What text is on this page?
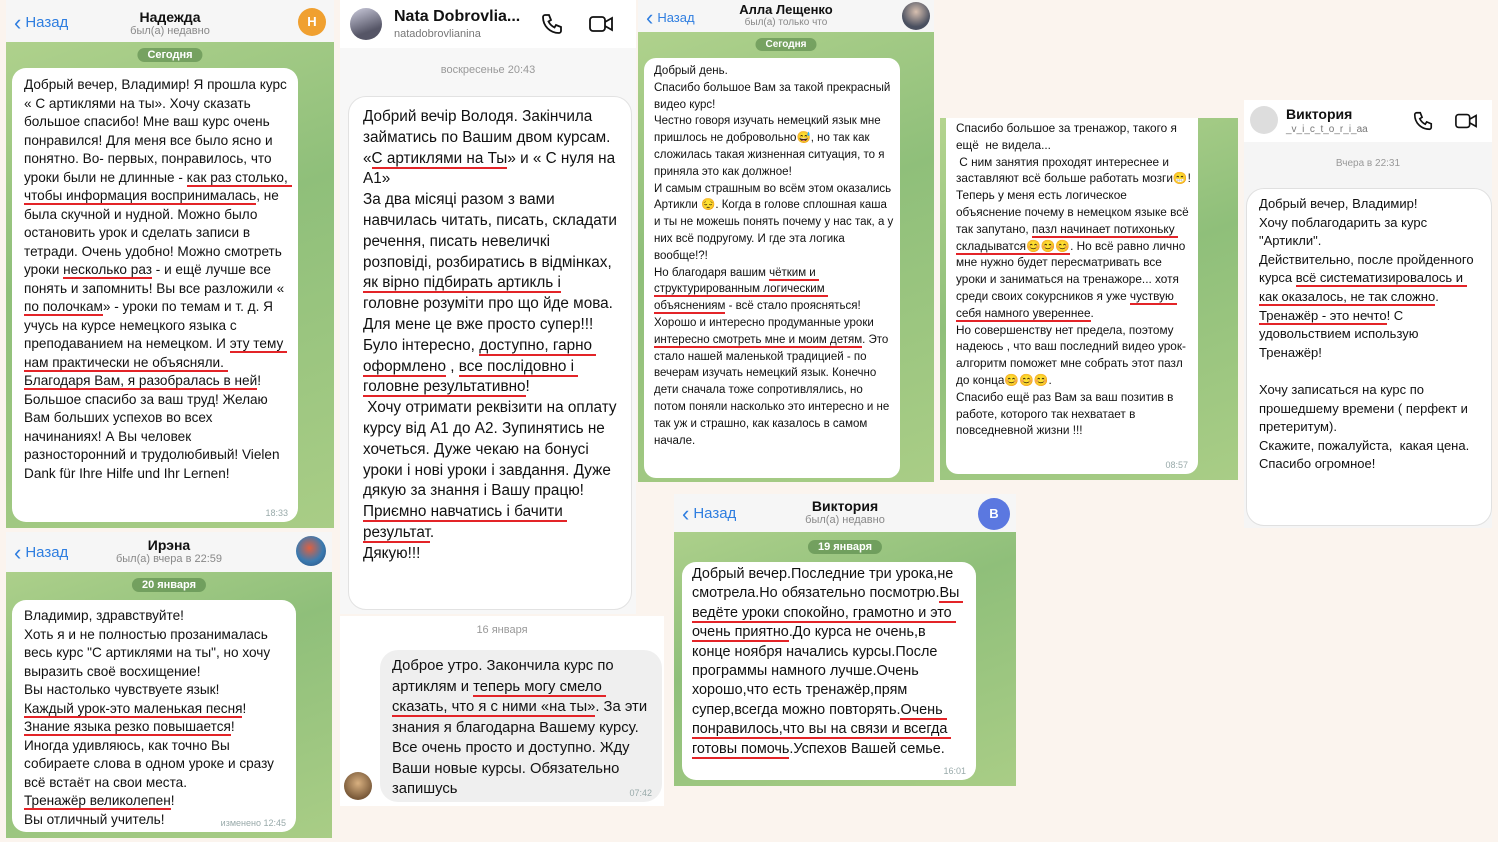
‹ Назад	Надежда
был(а) недавно
Н
Сегодня
Добрый вечер, Владимир! Я прошла курс « С артиклями на ты». Хочу сказать большое спасибо! Мне ваш курс очень понравился! Для меня все было ясно и понятно. Во- первых, понравилось, что уроки были не длинные - как раз столько, чтобы информация воспринималась, не была скучной и нудной. Можно было остановить урок и сделать записи в тетради. Очень удобно! Можно смотреть уроки несколько раз - и ещё лучше все понять и запомнить! Вы все разложили « по полочкам» - уроки по темам и т. д. Я учусь на курсе немецкого языка с преподаванием на немецком. И эту тему нам практически не объясняли. Благодаря Вам, я разобралась в ней! Большое спасибо за ваш труд! Желаю Вам больших успехов во всех начинаниях! А Вы человек разносторонний и трудолюбивый! Vielen Dank für Ihre Hilfe und Ihr Lernen!
18:33
‹ Назад	Ирэна
был(а) вчера в 22:59
20 января
Владимир, здравствуйте!
Хоть я и не полностью прозанималась весь курс "С артиклями на ты", но хочу выразить своё восхищение!
Вы настолько чувствуете язык!
Каждый урок-это маленькая песня!
Знание языка резко повышается!
Иногда удивляюсь, как точно Вы собираете слова в одном уроке и сразу всё встаёт на свои места.
Тренажёр великолепен!
Вы отличный учитель!	изменено 12:45
Nata Dobrovlia...
natadobrovlianina
воскресенье 20:43
Добрий вечір Володя. Закінчила займатись по Вашим двом курсам. «С артиклями на Ты» и « С нуля на А1»
За два місяці разом з вами навчилась читать, писать, складати речення, писать невеличкі розповіді, розбиратись в відмінках, як вірно підбирать артикль і головне розуміти про що йде мова. Для мене це вже просто супер!!! Було інтересно, доступно, гарно оформлено , все послідовно і головне результативно!
Хочу отримати реквізити на оплату курсу від А1 до А2. Зупинятись не хочеться. Дуже чекаю на бонусі уроки і нові уроки і завдання. Дуже дякую за знання і Вашу працю! Приємно навчатись і бачити результат.
Дякую!!!
16 января
Доброе утро. Закончила курс по артиклям и теперь могу смело сказать, что я с ними «на ты». За эти знания я благодарна Вашему курсу. Все очень просто и доступно. Жду Ваши новые курсы. Обязательно запишусь	07:42
‹ Назад
Алла Лещенко
был(а) только что
Сегодня
Добрый день.
Спасибо большое Вам за такой прекрасный видео курс!
Честно говоря изучать немецкий язык мне пришлось не добровольно😅, но так как сложилась такая жизненная ситуация, то я приняла это как должное!
И самым страшным во всём этом оказались Артикли 😔. Когда в голове сплошная каша и ты не можешь понять почему у нас так, а у них всё подругому. И где эта логика вообще!?!
Но благодаря вашим чётким и структурированным логическим объяснениям - всё стало проясняться!
Хорошо и интересно продуманные уроки интересно смотреть мне и моим детям. Это стало нашей маленькой традицией - по вечерам изучать немецкий язык. Конечно дети сначала тоже сопротивлялись, но потом поняли насколько это интересно и не так уж и страшно, как казалось в самом начале.
Спасибо большое за тренажор, такого я ещё  не видела...
С ним занятия проходят интереснее и заставляют всё больше работать мозги😁!
Теперь у меня есть логическое объяснение почему в немецком языке всё так запутано, пазл начинает потихоньку складыватся😊😊😊. Но всё равно лично мне нужно будет пересматривать все уроки и заниматься на тренажоре... хотя среди своих сокурсников я уже чуствую себя намного увереннее.
Но совершенству нет предела, поэтому надеюсь , что ваш последний видео урок-алгоритм поможет мне собрать этот пазл до конца😊😊😊.
Спасибо ещё раз Вам за ваш позитив в работе, которого так нехватает в повседневной жизни !!!
08:57
‹ Назад	Виктория
был(а) недавно	В
19 января
Добрый вечер.Последние три урока,не смотрела.Но обязательно посмотрю.Вы ведёте уроки спокойно, грамотно и это очень приятно.До курса не очень,в конце ноября начались курсы.После программы намного лучше.Очень хорошо,что есть тренажёр,прям супер,всегда можно повторять.Очень понравилось,что вы на связи и всегда готовы помочь.Успехов Вашей семье.
16:01
Виктория
_v_i_c_t_o_r_i_aa
Вчера в 22:31
Добрый вечер, Владимир!
Хочу поблагодарить за курс "Артикли".
Действительно, после пройденного курса всё систематизировалось и как оказалось, не так сложно.
Тренажёр - это нечто! С удовольствием использую Тренажёр!

Хочу записаться на курс по прошедшему времени ( перфект и претеритум).
Скажите, пожалуйста,  какая цена.
Спасибо огромное!
